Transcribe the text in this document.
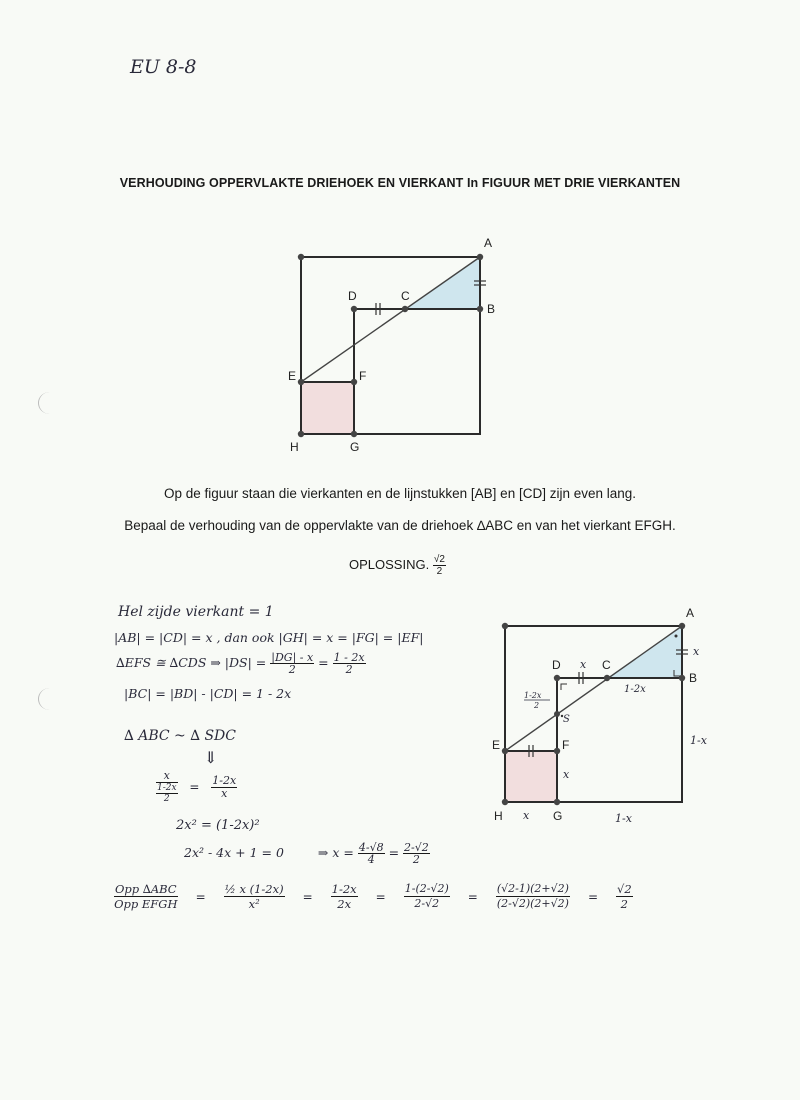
EU 8-8
VERHOUDING OPPERVLAKTE DRIEHOEK EN VIERKANT In FIGUUR MET DRIE VIERKANTEN
A
B
C
D
E	F
G
H
Op de figuur staan die vierkanten en de lijnstukken [AB] en [CD] zijn even lang.
Bepaal de verhouding van de oppervlakte van de driehoek ∆ABC en van het vierkant EFGH.
OPLOSSING. $\frac{√2}{2}$
Hel zijde vierkant = 1
|AB| = |CD| = x , dan ook |GH| = x = |FG| = |EF|
∆EFS ≅ ∆CDS ⇒ $|DS| = \frac{|DG| - x}{2} = \frac{1 - 2x}{2}$
|BC| = |BD| - |CD| = 1 - 2x
∆ ABC ~ ∆ SDC
⇓
x
1-2x
$2 = \frac{1-2x}{x}$
2x² = (1-2x)²
2x² - 4x + 1 = 0	⇒ $x = \frac{4-√8}{4} = \frac{2-√2}{2}$
$\frac{\text{Opp ∆ABC}}{\text{Opp EFGH}} = \frac{\text{½ x (1-2x)}}{\text{x²}} = \frac{1-2x}{2x} = \frac{1-(2-√2)}{2-√2} = \frac{(√2-1)(2+√2)}{(2-√2)(2+√2)} = \frac{√2}{2}$
A
B
C
D
E	F
G
H
x
x
1-2x
1-x
x
x	1-x
S
1-2x
2
